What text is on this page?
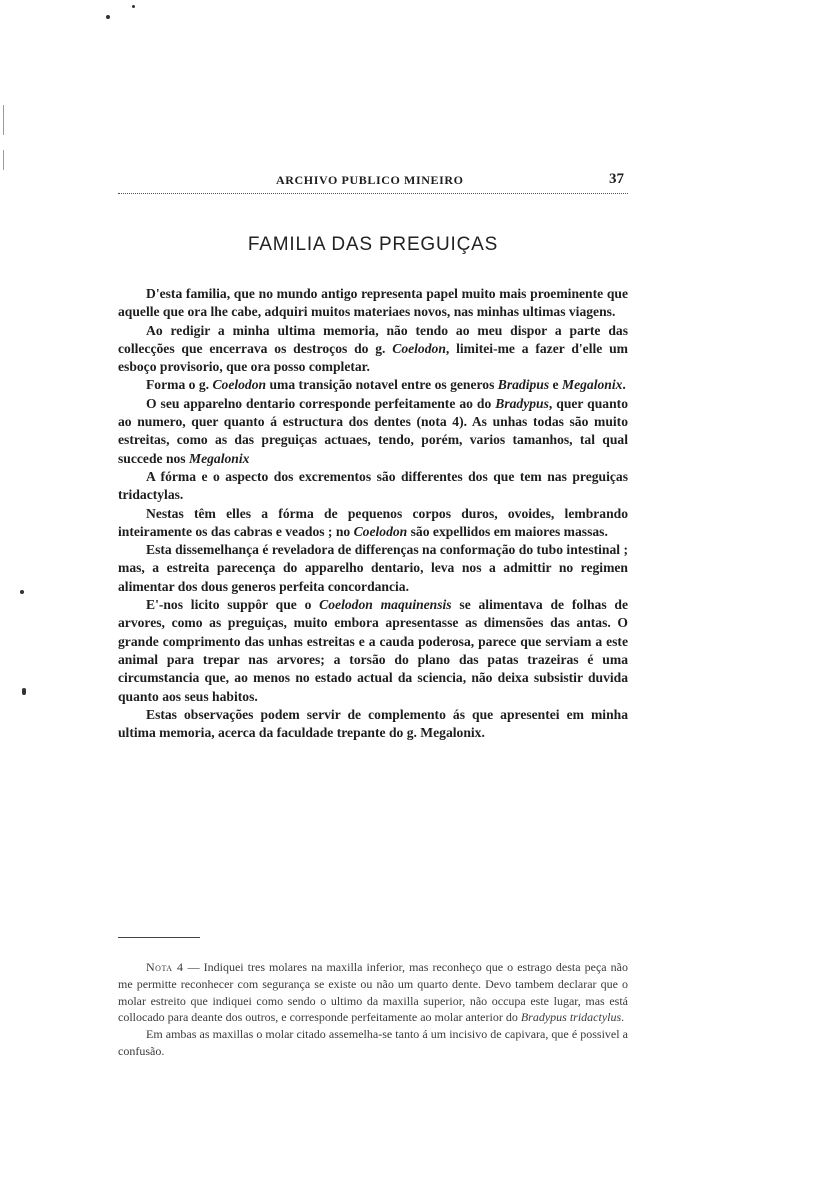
ARCHIVO PUBLICO MINEIRO	37
FAMILIA DAS PREGUIÇAS

D'esta familia, que no mundo antigo representa papel muito mais proeminente que aquelle que ora lhe cabe, adquiri muitos materiaes novos, nas minhas ultimas viagens.

Ao redigir a minha ultima memoria, não tendo ao meu dispor a parte das collecções que encerrava os destroços do g. Coelodon, limitei-me a fazer d'elle um esboço provisorio, que ora posso completar.

Forma o g. Coelodon uma transição notavel entre os generos Bradipus e Megalonix.

O seu apparelno dentario corresponde perfeitamente ao do Bradypus, quer quanto ao numero, quer quanto á estructura dos dentes (nota 4). As unhas todas são muito estreitas, como as das preguiças actuaes, tendo, porém, varios tamanhos, tal qual succede nos Megalonix

A fórma e o aspecto dos excrementos são differentes dos que tem nas preguiças tridactylas.

Nestas têm elles a fórma de pequenos corpos duros, ovoides, lembrando inteiramente os das cabras e veados ; no Coelodon são expellidos em maiores massas.

Esta dissemelhança é reveladora de differenças na conformação do tubo intestinal ; mas, a estreita parecença do apparelho dentario, leva nos a admittir no regimen alimentar dos dous generos perfeita concordancia.

E'-nos licito suppôr que o Coelodon maquinensis se alimentava de folhas de arvores, como as preguiças, muito embora apresentasse as dimensões das antas. O grande comprimento das unhas estreitas e a cauda poderosa, parece que serviam a este animal para trepar nas arvores; a torsão do plano das patas trazeiras é uma circumstancia que, ao menos no estado actual da sciencia, não deixa subsistir duvida quanto aos seus habitos.

Estas observações podem servir de complemento ás que apresentei em minha ultima memoria, acerca da faculdade trepante do g. Megalonix.

Nota 4 — Indiquei tres molares na maxilla inferior, mas reconheço que o estrago desta peça não me permitte reconhecer com segurança se existe ou não um quarto dente. Devo tambem declarar que o molar estreito que indiquei como sendo o ultimo da maxilla superior, não occupa este lugar, mas está collocado para deante dos outros, e corresponde perfeitamente ao molar anterior do Bradypus tridactylus.

Em ambas as maxillas o molar citado assemelha-se tanto á um incisivo de capivara, que é possivel a confusão.
